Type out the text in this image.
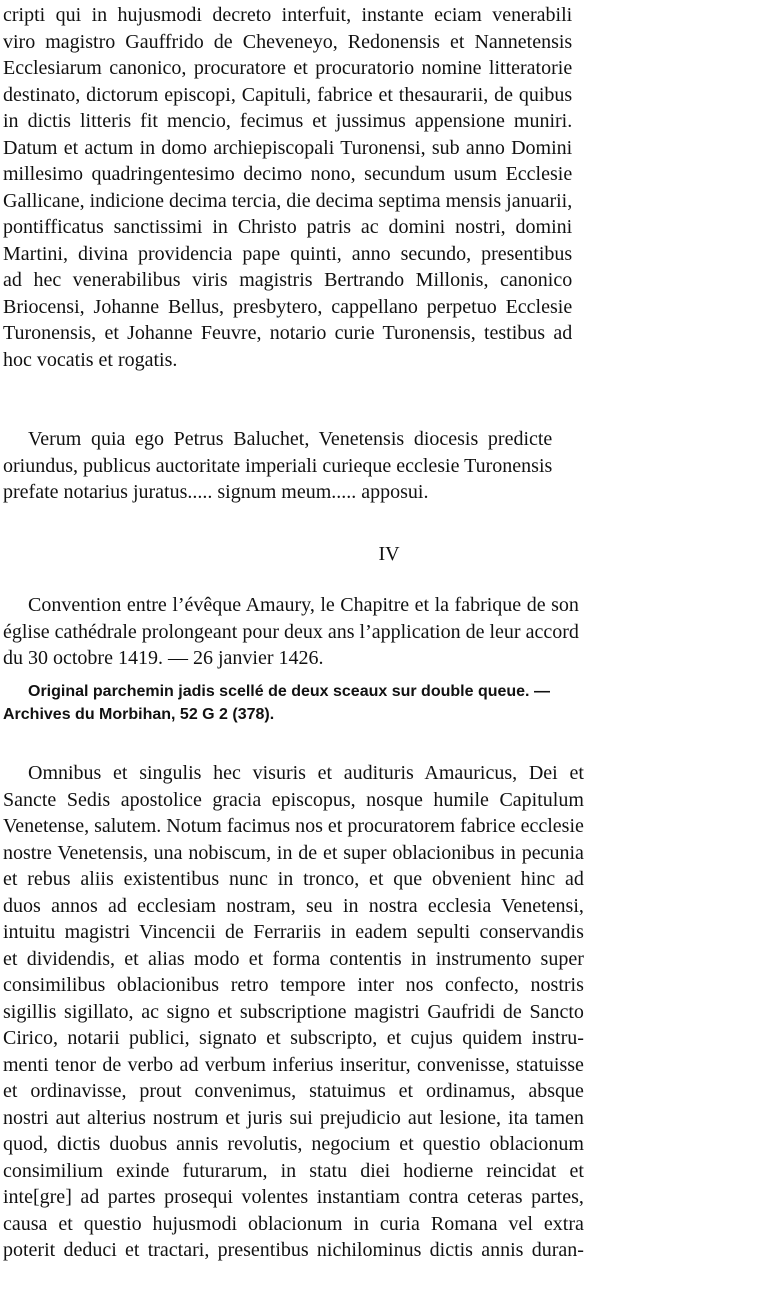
cripti qui in hujusmodi decreto interfuit, instante eciam venerabili
viro magistro Gauffrido de Cheveneyo, Redonensis et Nannetensis
Ecclesiarum canonico, procuratore et procuratorio nomine litteratorie
destinato, dictorum episcopi, Capituli, fabrice et thesaurarii, de quibus
in dictis litteris fit mencio, fecimus et jussimus appensione muniri.
Datum et actum in domo archiepiscopali Turonensi, sub anno Domini
millesimo quadringentesimo decimo nono, secundum usum Ecclesie
Gallicane, indicione decima tercia, die decima septima mensis januarii,
pontifficatus sanctissimi in Christo patris ac domini nostri, domini
Martini, divina providencia pape quinti, anno secundo, presentibus
ad hec venerabilibus viris magistris Bertrando Millonis, canonico
Briocensi, Johanne Bellus, presbytero, cappellano perpetuo Ecclesie
Turonensis, et Johanne Feuvre, notario curie Turonensis, testibus ad
hoc vocatis et rogatis.
Verum quia ego Petrus Baluchet, Venetensis diocesis predicte
oriundus, publicus auctoritate imperiali curieque ecclesie Turonensis
prefate notarius juratus..... signum meum..... apposui.
IV
Convention entre l’évêque Amaury, le Chapitre et la fabrique de son
église cathédrale prolongeant pour deux ans l’application de leur accord
du 30 octobre 1419. — 26 janvier 1426.
Original parchemin jadis scellé de deux sceaux sur double queue. —
Archives du Morbihan, 52 G 2 (378).
Omnibus et singulis hec visuris et audituris Amauricus, Dei et
Sancte Sedis apostolice gracia episcopus, nosque humile Capitulum
Venetense, salutem. Notum facimus nos et procuratorem fabrice ecclesie
nostre Venetensis, una nobiscum, in de et super oblacionibus in pecunia
et rebus aliis existentibus nunc in tronco, et que obvenient hinc ad
duos annos ad ecclesiam nostram, seu in nostra ecclesia Venetensi,
intuitu magistri Vincencii de Ferrariis in eadem sepulti conservandis
et dividendis, et alias modo et forma contentis in instrumento super
consimilibus oblacionibus retro tempore inter nos confecto, nostris
sigillis sigillato, ac signo et subscriptione magistri Gaufridi de Sancto
Cirico, notarii publici, signato et subscripto, et cujus quidem instru-
menti tenor de verbo ad verbum inferius inseritur, convenisse, statuisse
et ordinavisse, prout convenimus, statuimus et ordinamus, absque
nostri aut alterius nostrum et juris sui prejudicio aut lesione, ita tamen
quod, dictis duobus annis revolutis, negocium et questio oblacionum
consimilium exinde futurarum, in statu diei hodierne reincidat et
inte[gre] ad partes prosequi volentes instantiam contra ceteras partes,
causa et questio hujusmodi oblacionum in curia Romana vel extra
poterit deduci et tractari, presentibus nichilominus dictis annis duran-
